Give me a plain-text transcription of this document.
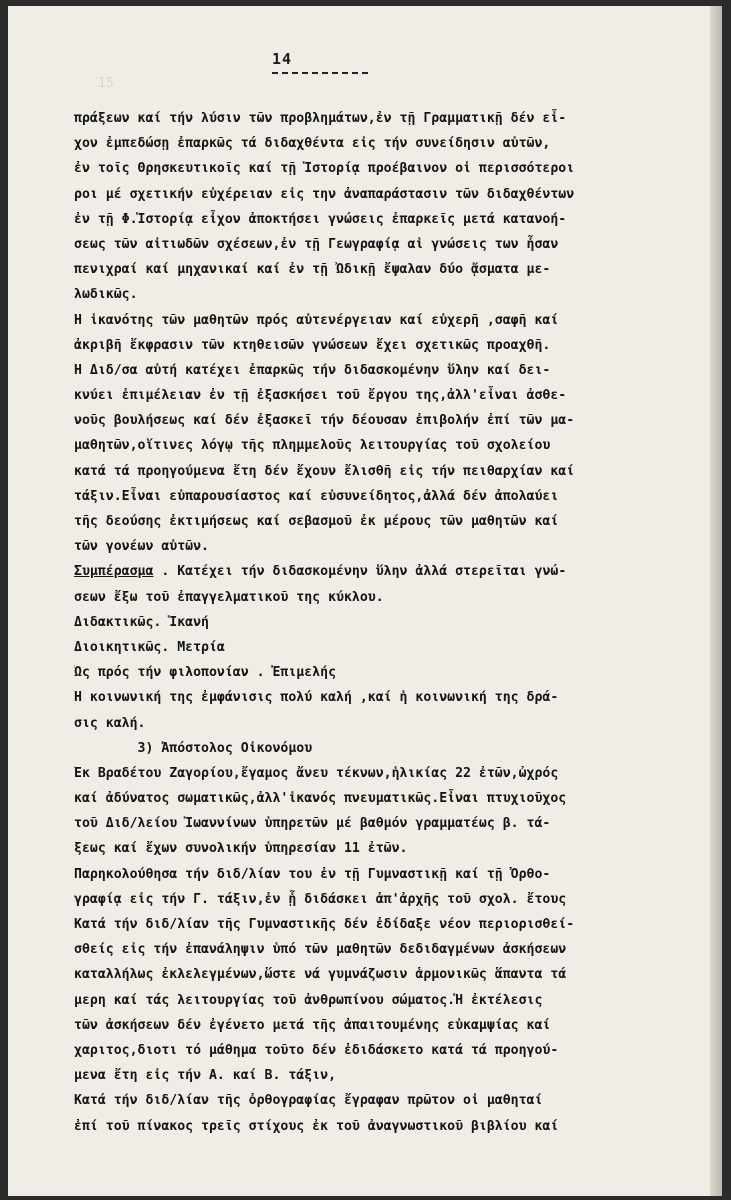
15
14
πράξεων καί τήν λύσιν τῶν προβλημάτων,ἐν τῇ Γραμματικῇ δέν εἶ-
χον ἐμπεδώσῃ ἐπαρκῶς τά διδαχθέντα εἰς τήν συνείδησιν αὐτῶν,
ἐν τοῖς Θρησκευτικοῖς καί τῇ Ἱστορίᾳ προέβαινον οἱ περισσότεροι
ροι μέ σχετικήν εὐχέρειαν εἰς την ἀναπαράστασιν τῶν διδαχθέντων
ἐν τῇ Φ.Ἱστορίᾳ εἶχον ἀποκτήσει γνώσεις ἐπαρκεῖς μετά κατανοή-
σεως τῶν αἰτιωδῶν σχέσεων,ἐν τῇ Γεωγραφίᾳ αἱ γνώσεις των ἦσαν
πενιχραί καί μηχανικαί καί ἐν τῇ Ὠδικῇ ἔψαλαν δύο ᾄσματα με-
λωδικῶς.
Ἡ ἱκανότης τῶν μαθητῶν πρός αὐτενέργειαν καί εὐχερῆ ,σαφῆ καί
ἀκριβῆ ἔκφρασιν τῶν κτηθεισῶν γνώσεων ἔχει σχετικῶς προαχθῆ.
Ἡ Διδ/σα αὐτή κατέχει ἐπαρκῶς τήν διδασκομένην ὕλην καί δει-
κνύει ἐπιμέλειαν ἐν τῇ ἐξασκήσει τοῦ ἔργου της,ἀλλ'εἶναι ἀσθε-
νοῦς βουλήσεως καί δέν ἐξασκεῖ τήν δέουσαν ἐπιβολήν ἐπί τῶν μα-
μαθητῶν,οἵτινες λόγῳ τῆς πλημμελοῦς λειτουργίας τοῦ σχολείου
κατά τά προηγούμενα ἔτη δέν ἔχουν ἔλισθῆ εἰς τήν πειθαρχίαν καί
τάξιν.Εἶναι εὐπαρουσίαστος καί εὐσυνείδητος,ἀλλά δέν ἀπολαύει
τῆς δεούσης ἐκτιμήσεως καί σεβασμοῦ ἐκ μέρους τῶν μαθητῶν καί
τῶν γονέων αὐτῶν.
Συμπέρασμα . Κατέχει τήν διδασκομένην ὕλην ἀλλά στερεῖται γνώ-
σεων ἔξω τοῦ ἐπαγγελματικοῦ της κύκλου.
Διδακτικῶς. Ἱκανή
Διοικητικῶς. Μετρία
Ὡς πρός τήν φιλοπονίαν . Ἐπιμελής
Ἡ κοινωνική της ἐμφάνισις πολύ καλή ,καί ἡ κοινωνική της δρά-
σις καλή.
3) Ἀπόστολος Οἰκονόμου
Ἐκ Βραδέτου Ζαγορίου,ἔγαμος ἄνευ τέκνων,ἡλικίας 22 ἐτῶν,ὠχρός
καί ἀδύνατος σωματικῶς,ἀλλ'ἱκανός πνευματικῶς.Εἶναι πτυχιοῦχος
τοῦ Διδ/λείου Ἰωαννίνων ὑπηρετῶν μέ βαθμόν γραμματέως β. τά-
ξεως καί ἔχων συνολικήν ὑπηρεσίαν 11 ἐτῶν.
Παρηκολούθησα τήν διδ/λίαν του ἐν τῇ Γυμναστικῇ καί τῇ Ὀρθο-
γραφίᾳ εἰς τήν Γ. τάξιν,ἐν ᾗ διδάσκει ἀπ'ἀρχῆς τοῦ σχολ. ἔτους
Κατά τήν διδ/λίαν τῆς Γυμναστικῆς δέν ἐδίδαξε νέον περιορισθεί-
σθείς εἰς τήν ἐπανάληψιν ὑπό τῶν μαθητῶν δεδιδαγμένων ἀσκήσεων
καταλλήλως ἐκλελεγμένων,ὥστε νά γυμνάζωσιν ἁρμονικῶς ἅπαντα τά
μερη καί τάς λειτουργίας τοῦ ἀνθρωπίνου σώματος.Ἡ ἐκτέλεσις
τῶν ἀσκήσεων δέν ἐγένετο μετά τῆς ἀπαιτουμένης εὐκαμψίας καί
χαριτος,διοτι τό μάθημα τοῦτο δέν ἐδιδάσκετο κατά τά προηγού-
μενα ἔτη εἰς τήν Α. καί Β. τάξιν,
Κατά τήν διδ/λίαν τῆς ὀρθογραφίας ἔγραφαν πρῶτον οἱ μαθηταί
ἐπί τοῦ πίνακος τρεῖς στίχους ἐκ τοῦ ἀναγνωστικοῦ βιβλίου καί
